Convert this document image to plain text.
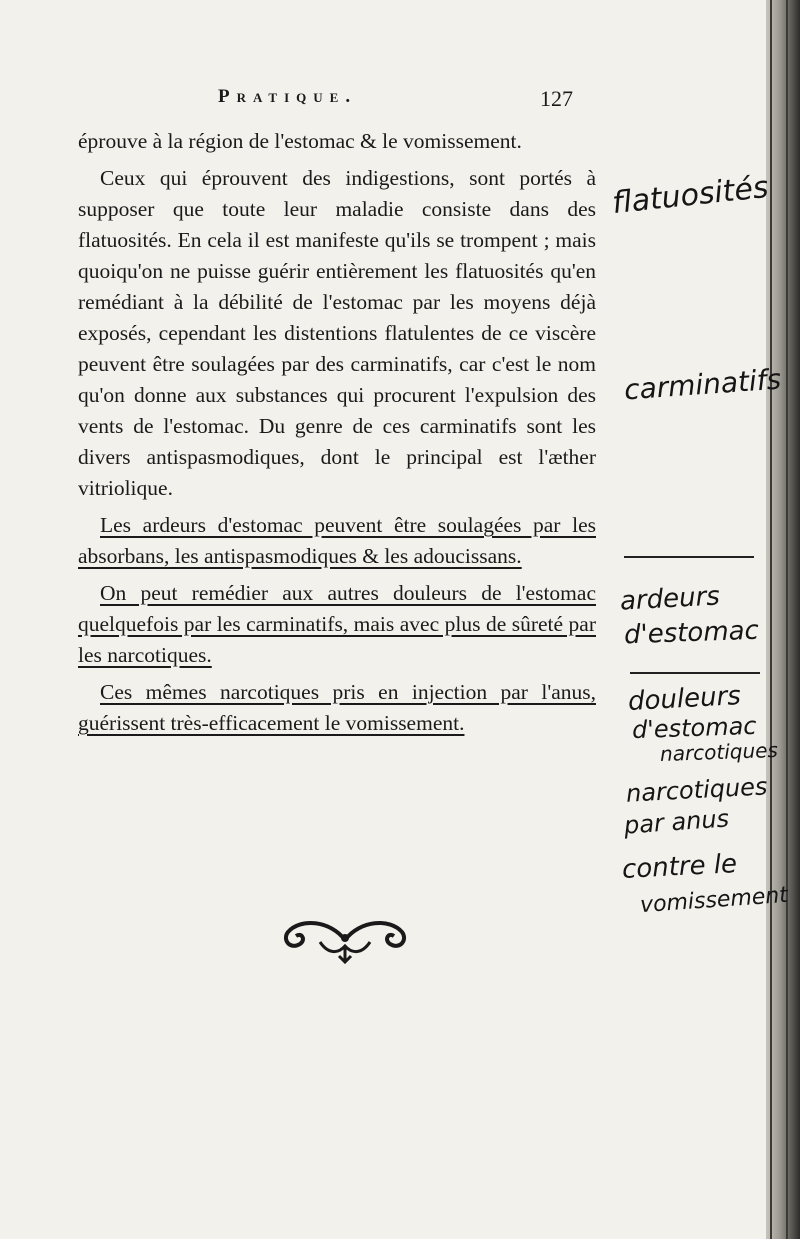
Pratique.	127

éprouve à la région de l'estomac & le vomissement.

Ceux qui éprouvent des indigestions, sont portés à supposer que toute leur maladie consiste dans des flatuosités. En cela il est manifeste qu'ils se trompent ; mais quoiqu'on ne puisse guérir entièrement les flatuosités qu'en remédiant à la débilité de l'estomac par les moyens déjà exposés, cependant les distentions flatulentes de ce viscère peuvent être soulagées par des carminatifs, car c'est le nom qu'on donne aux substances qui procurent l'expulsion des vents de l'estomac. Du genre de ces carminatifs sont les divers antispasmodiques, dont le principal est l'æther vitriolique.

Les ardeurs d'estomac peuvent être soulagées par les absorbans, les antispasmodiques & les adoucissans.

On peut remédier aux autres douleurs de l'estomac quelquefois par les carminatifs, mais avec plus de sûreté par les narcotiques.

Ces mêmes narcotiques pris en injection par l'anus, guérissent très-efficacement le vomissement.

flatuosités
carminatifs
ardeurs
d'estomac
douleurs
d'estomac
narcotiques
narcotiques
par anus
contre le
vomissement
